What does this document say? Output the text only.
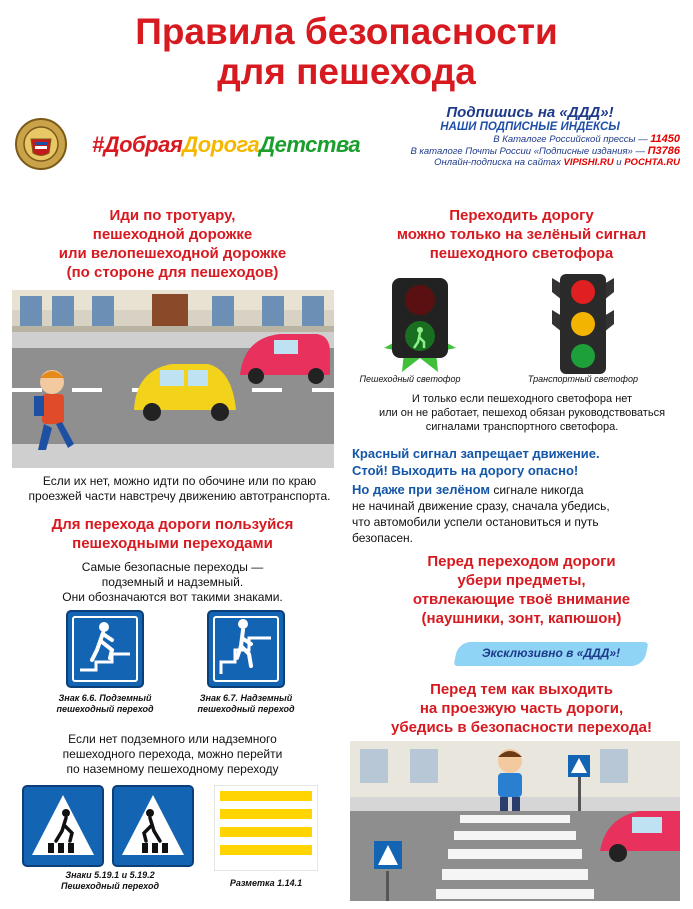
Правила безопасности
для пешехода
#ДобраяДорогаДетства
Подпишись на «ДДД»!
НАШИ ПОДПИСНЫЕ ИНДЕКСЫ
В Каталоге Российской прессы — 11450
В каталоге Почты России «Подписные издания» — П3786
Онлайн-подписка на сайтах VIPISHI.RU и POCHTA.RU
Иди по тротуару,
пешеходной дорожке
или велопешеходной дорожке
(по стороне для пешеходов)
Если их нет, можно идти по обочине или по краю
проезжей части навстречу движению автотранспорта.
Для перехода дороги пользуйся
пешеходными переходами
Самые безопасные переходы —
подземный и надземный.
Они обозначаются вот такими знаками.
Знак 6.6. Подземный
пешеходный переход
Знак 6.7. Надземный
пешеходный переход
Если нет подземного или надземного
пешеходного перехода, можно перейти
по наземному пешеходному переходу
Знаки 5.19.1 и 5.19.2
Пешеходный переход	Разметка 1.14.1
Переходить дорогу
можно только на зелёный сигнал
пешеходного светофора
Пешеходный светофор	Транспортный светофор
И только если пешеходного светофора нет
или он не работает, пешеход обязан руководствоваться
сигналами транспортного светофора.
Красный сигнал запрещает движение.
Стой! Выходить на дорогу опасно!
Но даже при зелёном сигнале никогда
не начинай движение сразу, сначала убедись,
что автомобили успели остановиться и путь
безопасен.
Перед переходом дороги
убери предметы,
отвлекающие твоё внимание
(наушники, зонт, капюшон)
Эксклюзивно в «ДДД»!
Перед тем как выходить
на проезжую часть дороги,
убедись в безопасности перехода!
